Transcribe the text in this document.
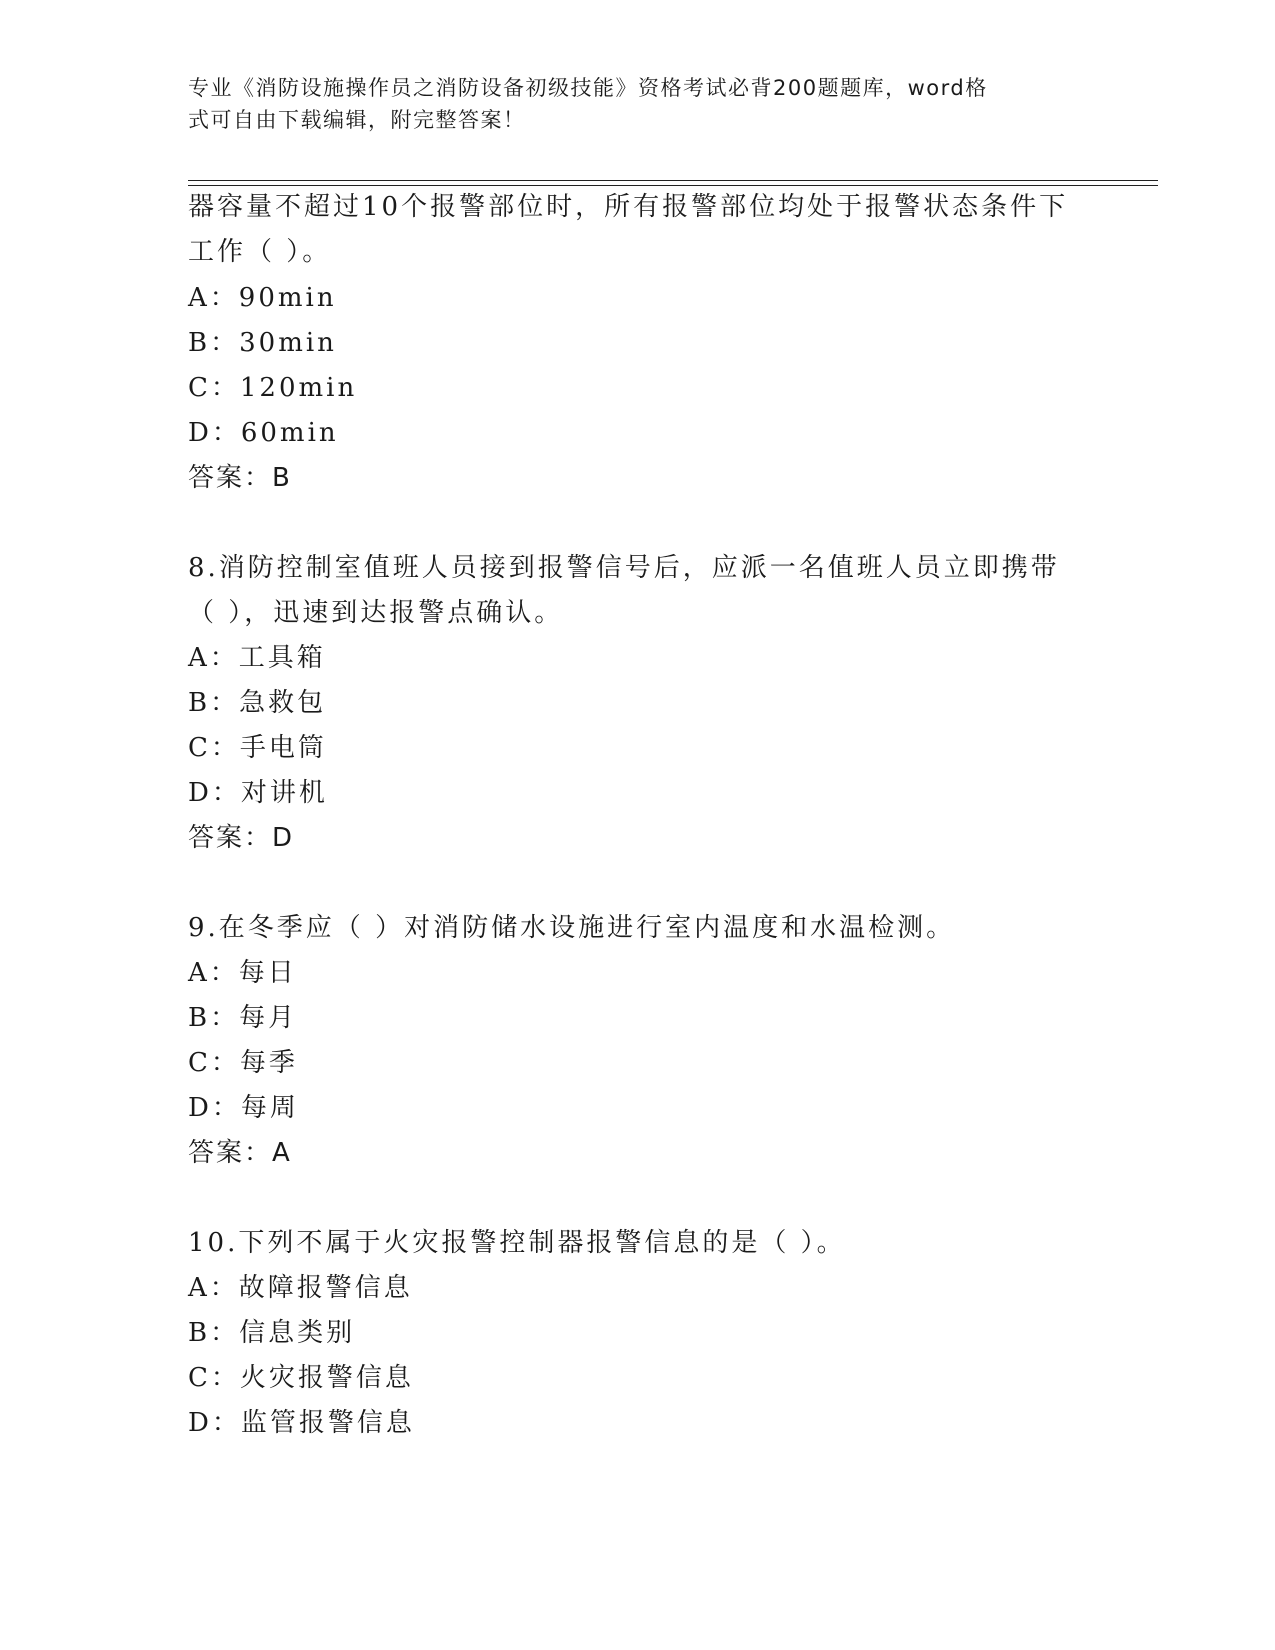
专业《消防设施操作员之消防设备初级技能》资格考试必背200题题库，word格
式可自由下载编辑，附完整答案！
器容量不超过10个报警部位时，所有报警部位均处于报警状态条件下
工作（ ）。
A：90min
B：30min
C：120min
D：60min
答案：B
8.消防控制室值班人员接到报警信号后，应派一名值班人员立即携带
（ ），迅速到达报警点确认。
A：工具箱
B：急救包
C：手电筒
D：对讲机
答案：D
9.在冬季应（ ）对消防储水设施进行室内温度和水温检测。
A：每日
B：每月
C：每季
D：每周
答案：A
10.下列不属于火灾报警控制器报警信息的是（ ）。
A：故障报警信息
B：信息类别
C：火灾报警信息
D：监管报警信息
